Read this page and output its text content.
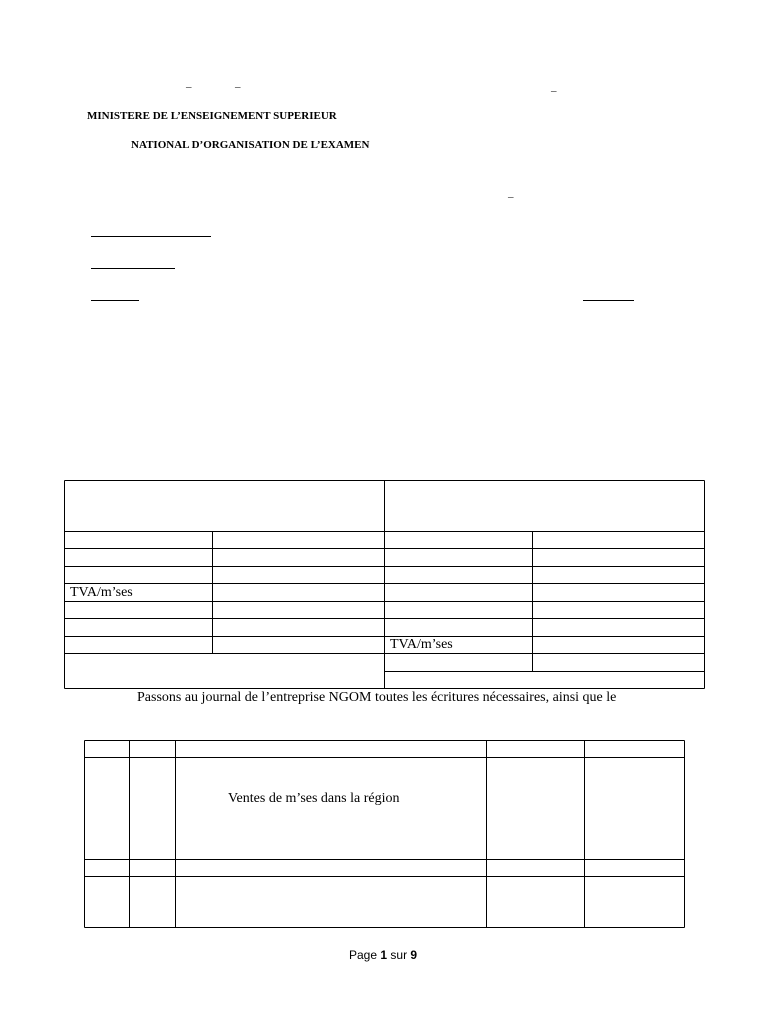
–	–	–
MINISTERE DE L’ENSEIGNEMENT SUPERIEUR
NATIONAL D’ORGANISATION DE L’EXAMEN
–
TVA/m’ses
TVA/m’ses
Passons au journal de l’entreprise NGOM toutes les écritures nécessaires, ainsi que le
Ventes de m’ses dans la région
Page 1 sur 9
